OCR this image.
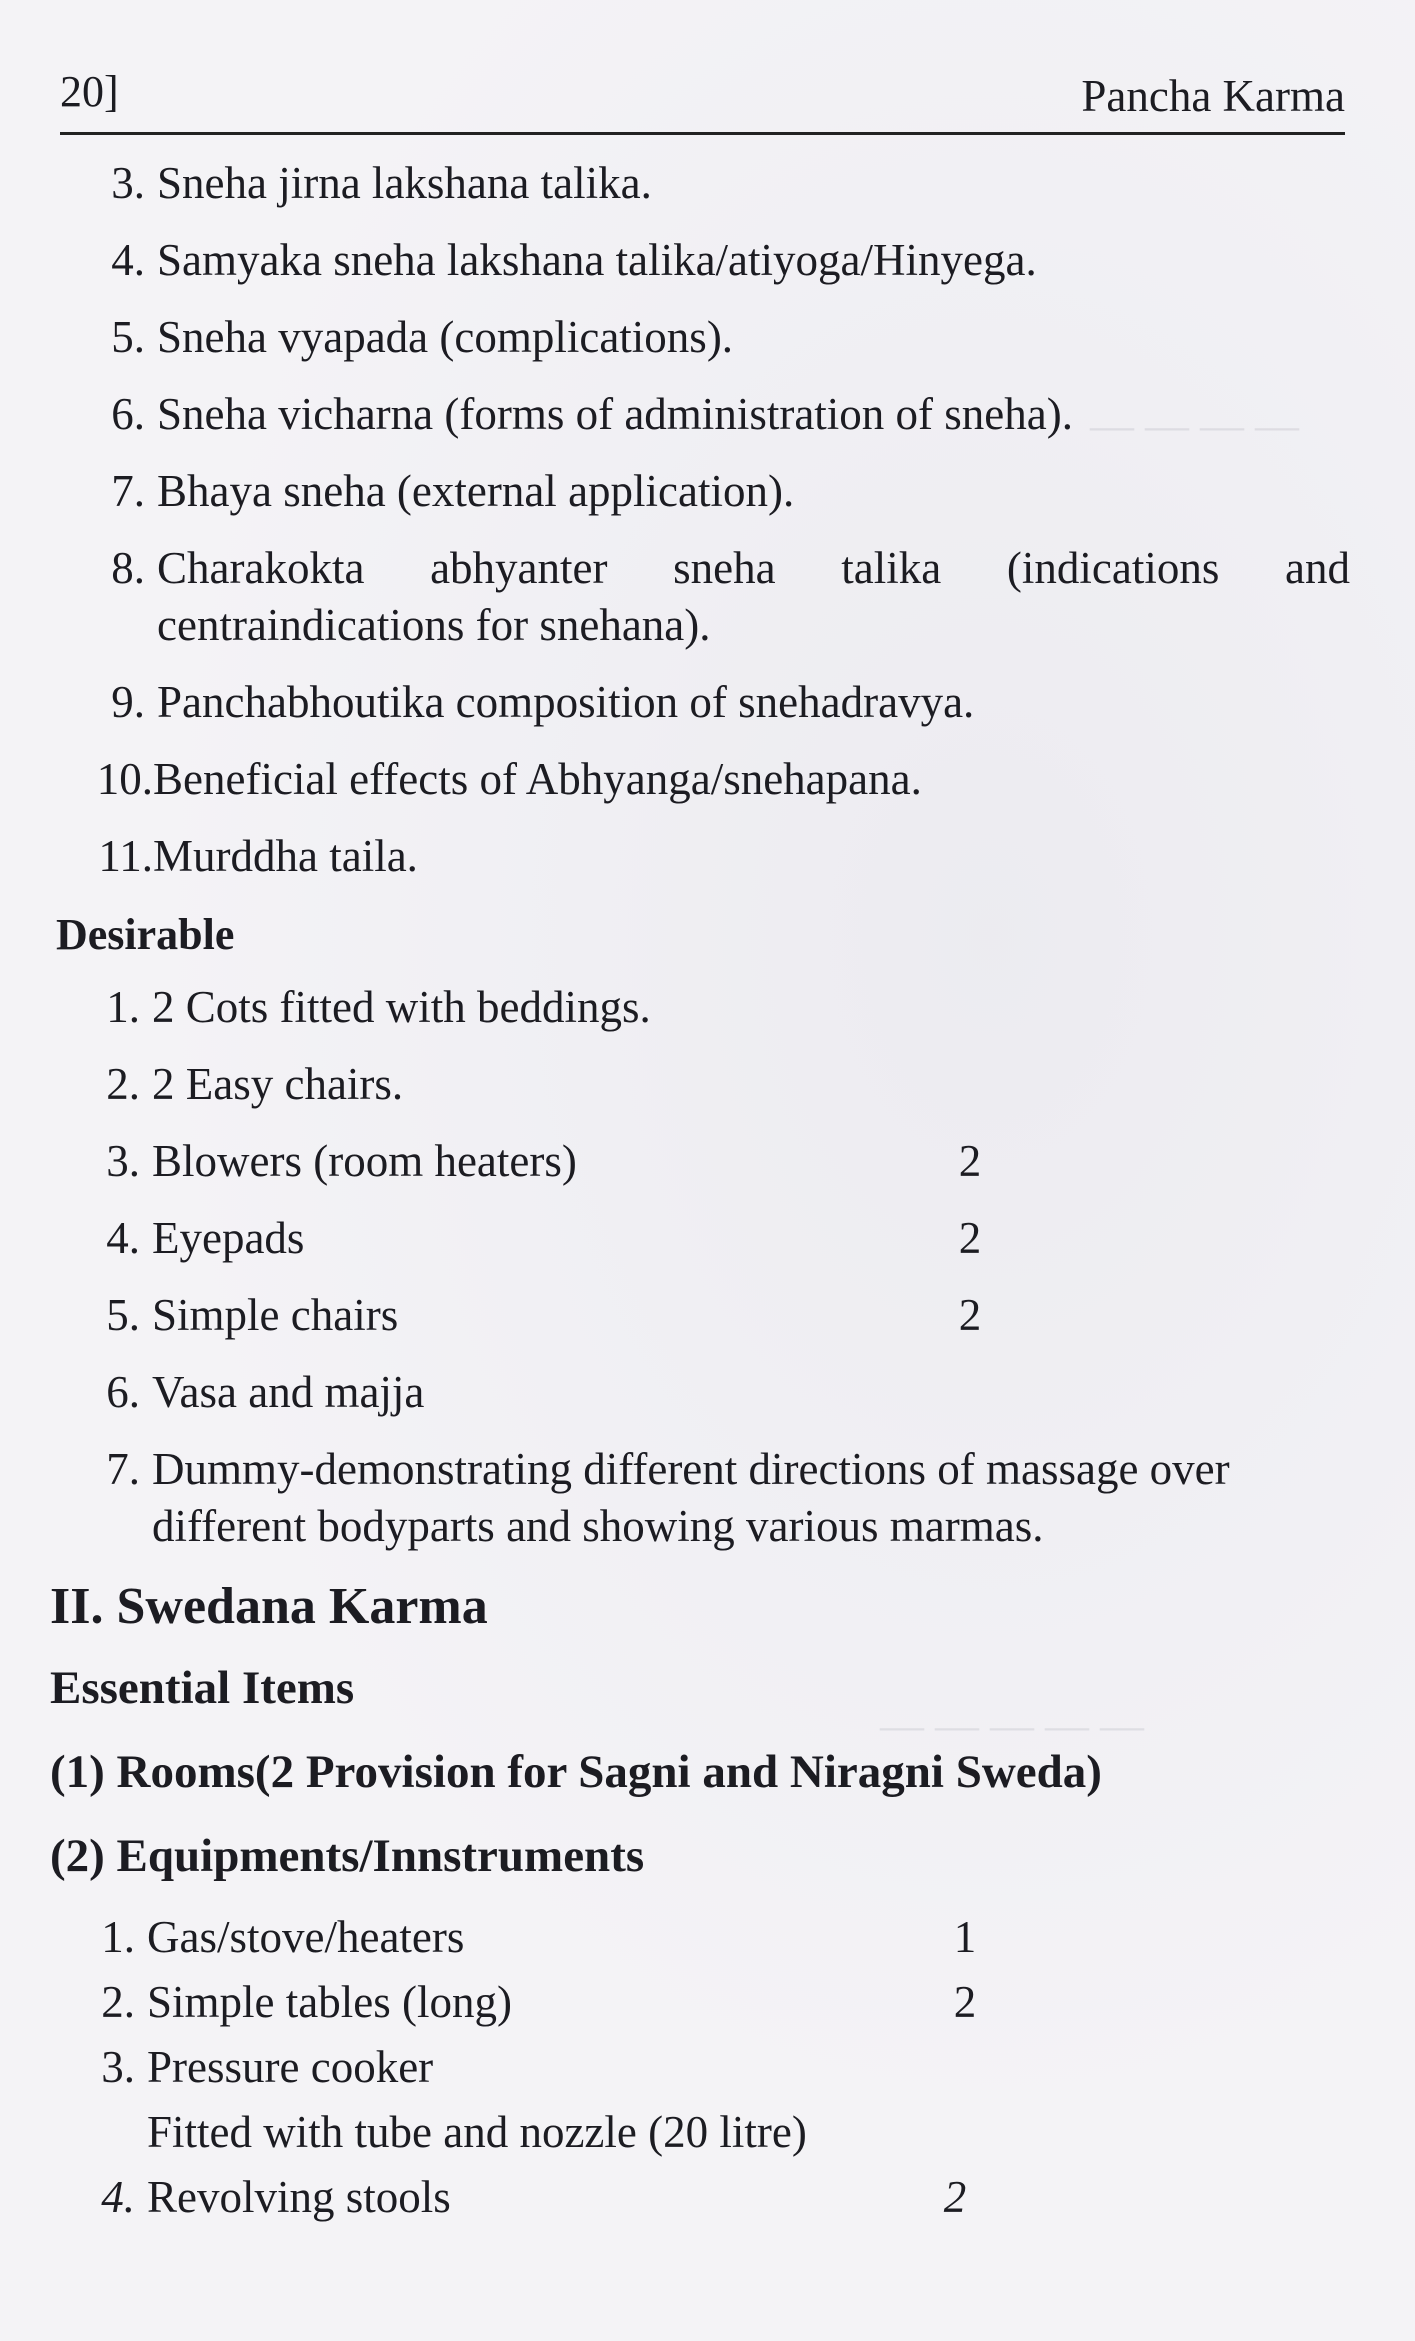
— — — —
— — — — —
20]	Pancha Karma
3. Sneha jirna lakshana talika.
4. Samyaka sneha lakshana talika/atiyoga/Hinyega.
5. Sneha vyapada (complications).
6. Sneha vicharna (forms of administration of sneha).
7. Bhaya sneha (external application).
8. Charakokta abhyanter sneha talika (indications and centraindications for snehana).
9. Panchabhoutika composition of snehadravya.
10. Beneficial effects of Abhyanga/snehapana.
11. Murddha taila.
Desirable
1. 2 Cots fitted with beddings.
2. 2 Easy chairs.
3. Blowers (room heaters)	2
4. Eyepads	2
5. Simple chairs	2
6. Vasa and majja
7. Dummy-demonstrating different directions of massage over different bodyparts and showing various marmas.
II. Swedana Karma
Essential Items
(1) Rooms(2 Provision for Sagni and Niragni Sweda)
(2) Equipments/Innstruments
1. Gas/stove/heaters	1
2. Simple tables (long)	2
3. Pressure cooker
Fitted with tube and nozzle (20 litre)
4. Revolving stools	2
